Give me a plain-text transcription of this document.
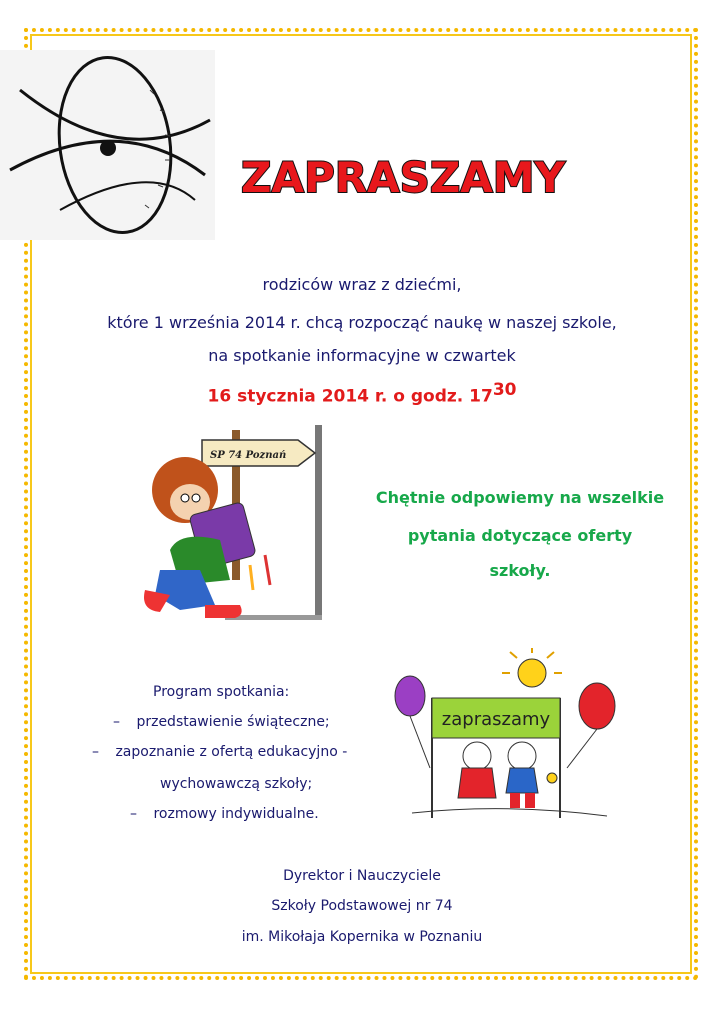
ZAPRASZAMY
rodziców wraz z dziećmi,
które 1 września 2014 r. chcą rozpocząć naukę w naszej szkole,
na spotkanie informacyjne w czwartek
16 stycznia 2014 r. o godz. $17^{30}$
SP 74 Poznań
Chętnie odpowiemy na wszelkie
pytania dotyczące oferty
szkoły.
Program spotkania:
– przedstawienie świąteczne;
– zapoznanie z ofertą edukacyjno -
wychowawczą szkoły;
– rozmowy indywidualne.
zapraszamy
Dyrektor i Nauczyciele
Szkoły Podstawowej nr 74
im. Mikołaja Kopernika w Poznaniu
